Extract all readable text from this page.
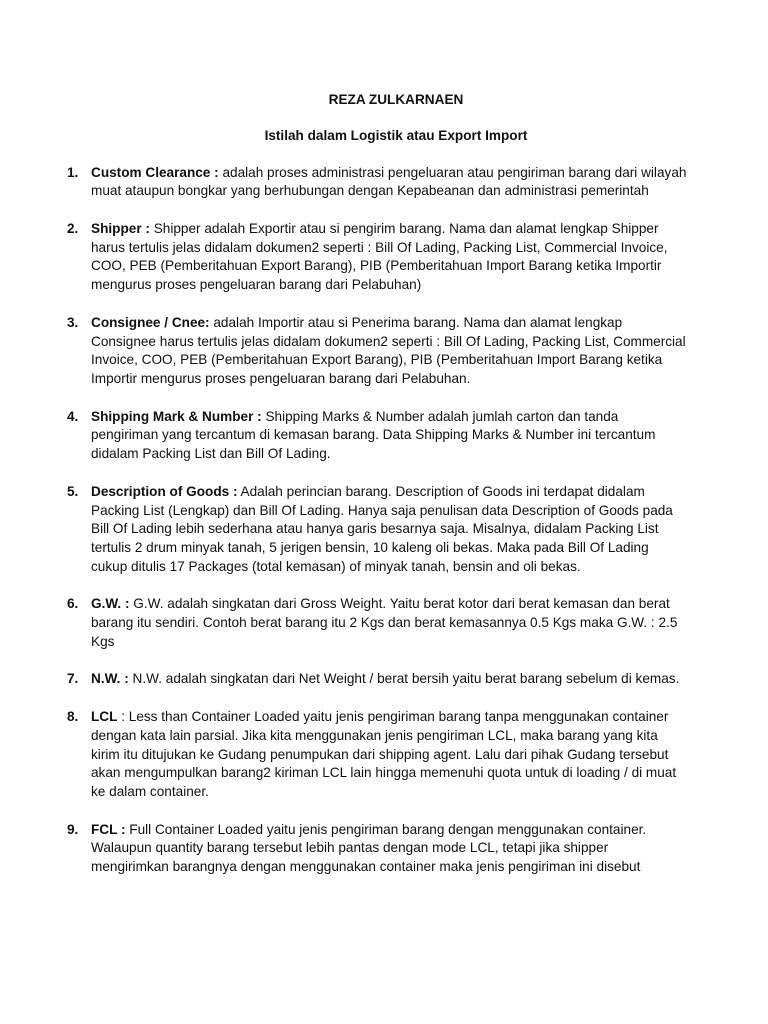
REZA ZULKARNAEN
Istilah dalam Logistik atau Export Import
1. Custom Clearance : adalah proses administrasi pengeluaran atau pengiriman barang dari wilayah muat ataupun bongkar yang berhubungan dengan Kepabeanan dan administrasi pemerintah
2. Shipper : Shipper adalah Exportir atau si pengirim barang. Nama dan alamat lengkap Shipper harus tertulis jelas didalam dokumen2 seperti : Bill Of Lading, Packing List, Commercial Invoice, COO, PEB (Pemberitahuan Export Barang), PIB (Pemberitahuan Import Barang ketika Importir mengurus proses pengeluaran barang dari Pelabuhan)
3. Consignee / Cnee: adalah Importir atau si Penerima barang. Nama dan alamat lengkap Consignee harus tertulis jelas didalam dokumen2 seperti : Bill Of Lading, Packing List, Commercial Invoice, COO, PEB (Pemberitahuan Export Barang), PIB (Pemberitahuan Import Barang ketika Importir mengurus proses pengeluaran barang dari Pelabuhan.
4. Shipping Mark & Number : Shipping Marks & Number adalah jumlah carton dan tanda pengiriman yang tercantum di kemasan barang. Data Shipping Marks & Number ini tercantum didalam Packing List dan Bill Of Lading.
5. Description of Goods : Adalah perincian barang. Description of Goods ini terdapat didalam Packing List (Lengkap) dan Bill Of Lading. Hanya saja penulisan data Description of Goods pada Bill Of Lading lebih sederhana atau hanya garis besarnya saja. Misalnya, didalam Packing List tertulis 2 drum minyak tanah, 5 jerigen bensin, 10 kaleng oli bekas. Maka pada Bill Of Lading cukup ditulis 17 Packages (total kemasan) of minyak tanah, bensin and oli bekas.
6. G.W. : G.W. adalah singkatan dari Gross Weight. Yaitu berat kotor dari berat kemasan dan berat barang itu sendiri. Contoh berat barang itu 2 Kgs dan berat kemasannya 0.5 Kgs maka G.W. : 2.5 Kgs
7. N.W. : N.W. adalah singkatan dari Net Weight / berat bersih yaitu berat barang sebelum di kemas.
8. LCL : Less than Container Loaded yaitu jenis pengiriman barang tanpa menggunakan container dengan kata lain parsial. Jika kita menggunakan jenis pengiriman LCL, maka barang yang kita kirim itu ditujukan ke Gudang penumpukan dari shipping agent. Lalu dari pihak Gudang tersebut akan mengumpulkan barang2 kiriman LCL lain hingga memenuhi quota untuk di loading / di muat ke dalam container.
9. FCL : Full Container Loaded yaitu jenis pengiriman barang dengan menggunakan container. Walaupun quantity barang tersebut lebih pantas dengan mode LCL, tetapi jika shipper mengirimkan barangnya dengan menggunakan container maka jenis pengiriman ini disebut
